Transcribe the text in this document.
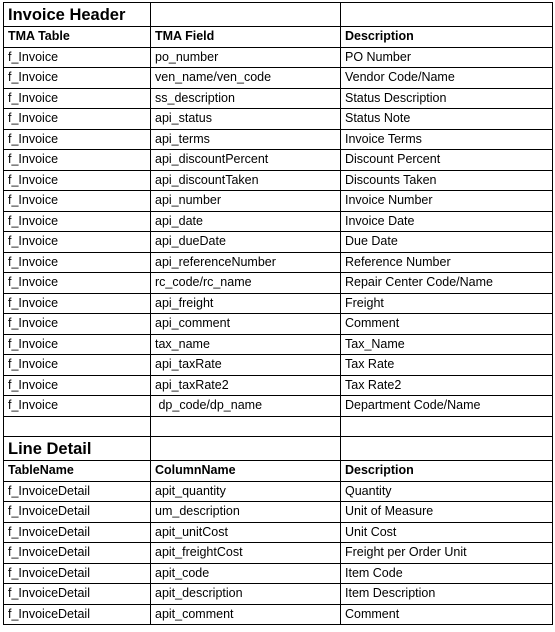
Invoice Header		
TMA Table	TMA Field	Description
f_Invoice	po_number	PO Number
f_Invoice	ven_name/ven_code	Vendor Code/Name
f_Invoice	ss_description	Status Description
f_Invoice	api_status	Status Note
f_Invoice	api_terms	Invoice Terms
f_Invoice	api_discountPercent	Discount Percent
f_Invoice	api_discountTaken	Discounts Taken
f_Invoice	api_number	Invoice Number
f_Invoice	api_date	Invoice Date
f_Invoice	api_dueDate	Due Date
f_Invoice	api_referenceNumber	Reference Number
f_Invoice	rc_code/rc_name	Repair Center Code/Name
f_Invoice	api_freight	Freight
f_Invoice	api_comment	Comment
f_Invoice	tax_name	Tax_Name
f_Invoice	api_taxRate	Tax Rate
f_Invoice	api_taxRate2	Tax Rate2
f_Invoice	dp_code/dp_name	Department Code/Name

Line Detail		
TableName	ColumnName	Description
f_InvoiceDetail	apit_quantity	Quantity
f_InvoiceDetail	um_description	Unit of Measure
f_InvoiceDetail	apit_unitCost	Unit Cost
f_InvoiceDetail	apit_freightCost	Freight per Order Unit
f_InvoiceDetail	apit_code	Item Code
f_InvoiceDetail	apit_description	Item Description
f_InvoiceDetail	apit_comment	Comment
